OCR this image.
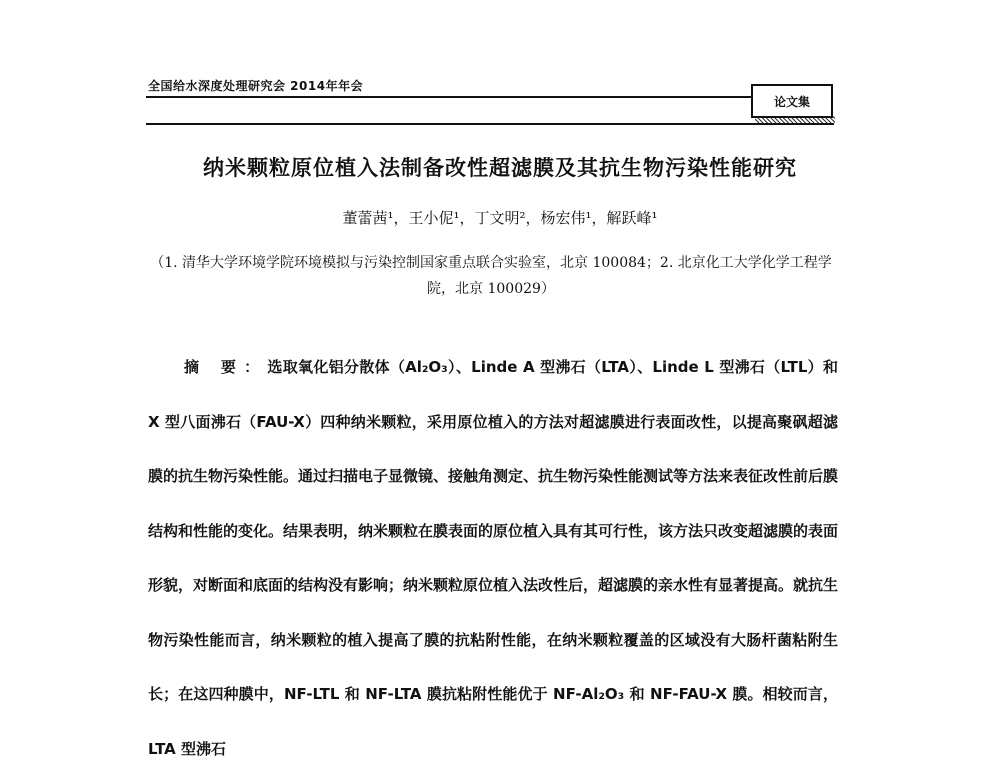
全国给水深度处理研究会 2014年年会
论文集
纳米颗粒原位植入法制备改性超滤膜及其抗生物污染性能研究
董蕾茜¹，王小伲¹，丁文明²，杨宏伟¹，解跃峰¹
（1. 清华大学环境学院环境模拟与污染控制国家重点联合实验室，北京 100084；2. 北京化工大学化学工程学院，北京 100029）
摘 要：选取氧化铝分散体（Al₂O₃）、Linde A 型沸石（LTA）、Linde L 型沸石（LTL）和 X 型八面沸石（FAU-X）四种纳米颗粒，采用原位植入的方法对超滤膜进行表面改性，以提高聚砜超滤膜的抗生物污染性能。通过扫描电子显微镜、接触角测定、抗生物污染性能测试等方法来表征改性前后膜结构和性能的变化。结果表明，纳米颗粒在膜表面的原位植入具有其可行性，该方法只改变超滤膜的表面形貌，对断面和底面的结构没有影响；纳米颗粒原位植入法改性后，超滤膜的亲水性有显著提高。就抗生物污染性能而言，纳米颗粒的植入提高了膜的抗粘附性能，在纳米颗粒覆盖的区域没有大肠杆菌粘附生长；在这四种膜中，NF-LTL 和 NF-LTA 膜抗粘附性能优于 NF-Al₂O₃ 和 NF-FAU-X 膜。相较而言，LTA 型沸石
